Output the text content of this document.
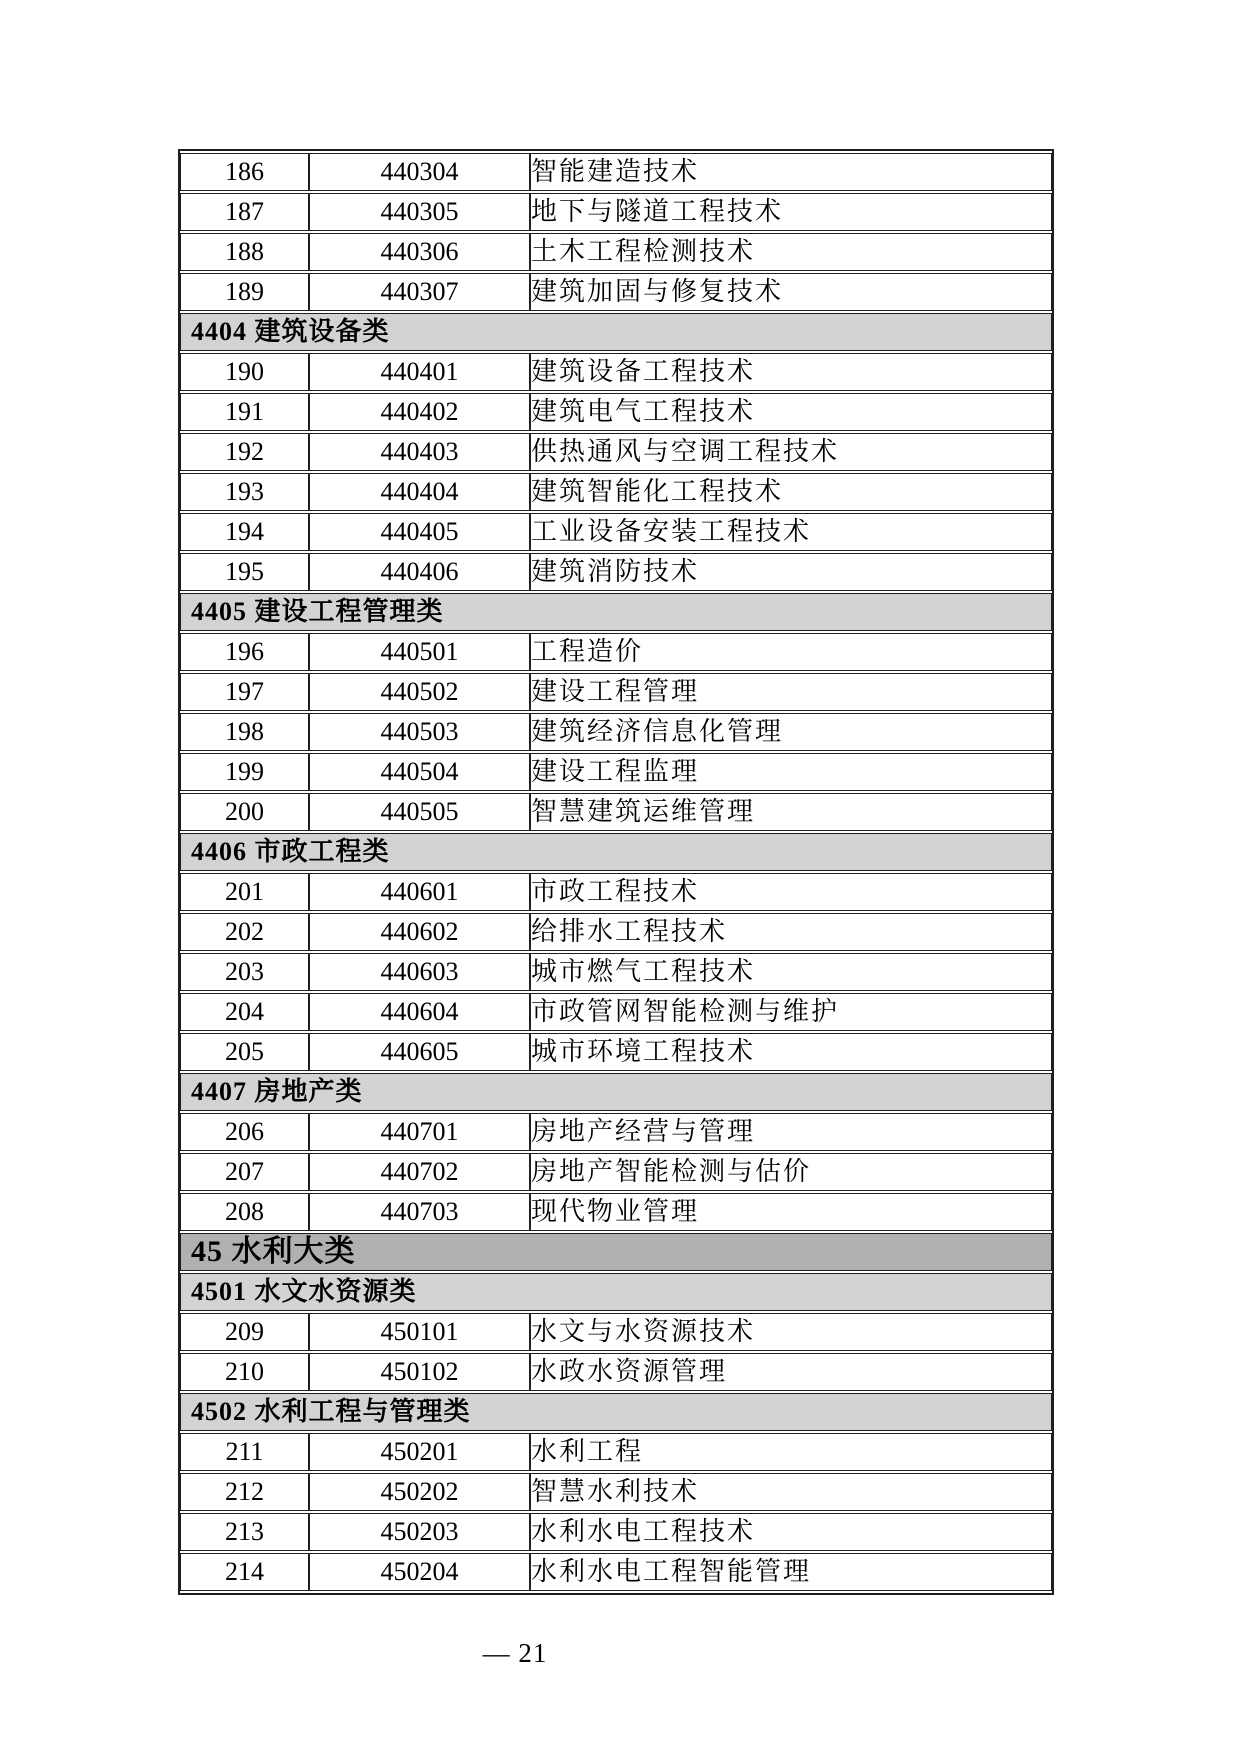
186	440304	智能建造技术
187	440305	地下与隧道工程技术
188	440306	土木工程检测技术
189	440307	建筑加固与修复技术
4404 建筑设备类		
190	440401	建筑设备工程技术
191	440402	建筑电气工程技术
192	440403	供热通风与空调工程技术
193	440404	建筑智能化工程技术
194	440405	工业设备安装工程技术
195	440406	建筑消防技术
4405 建设工程管理类		
196	440501	工程造价
197	440502	建设工程管理
198	440503	建筑经济信息化管理
199	440504	建设工程监理
200	440505	智慧建筑运维管理
4406 市政工程类		
201	440601	市政工程技术
202	440602	给排水工程技术
203	440603	城市燃气工程技术
204	440604	市政管网智能检测与维护
205	440605	城市环境工程技术
4407 房地产类		
206	440701	房地产经营与管理
207	440702	房地产智能检测与估价
208	440703	现代物业管理
45 水利大类		
4501 水文水资源类		
209	450101	水文与水资源技术
210	450102	水政水资源管理
4502 水利工程与管理类		
211	450201	水利工程
212	450202	智慧水利技术
213	450203	水利水电工程技术
214	450204	水利水电工程智能管理
— 21
